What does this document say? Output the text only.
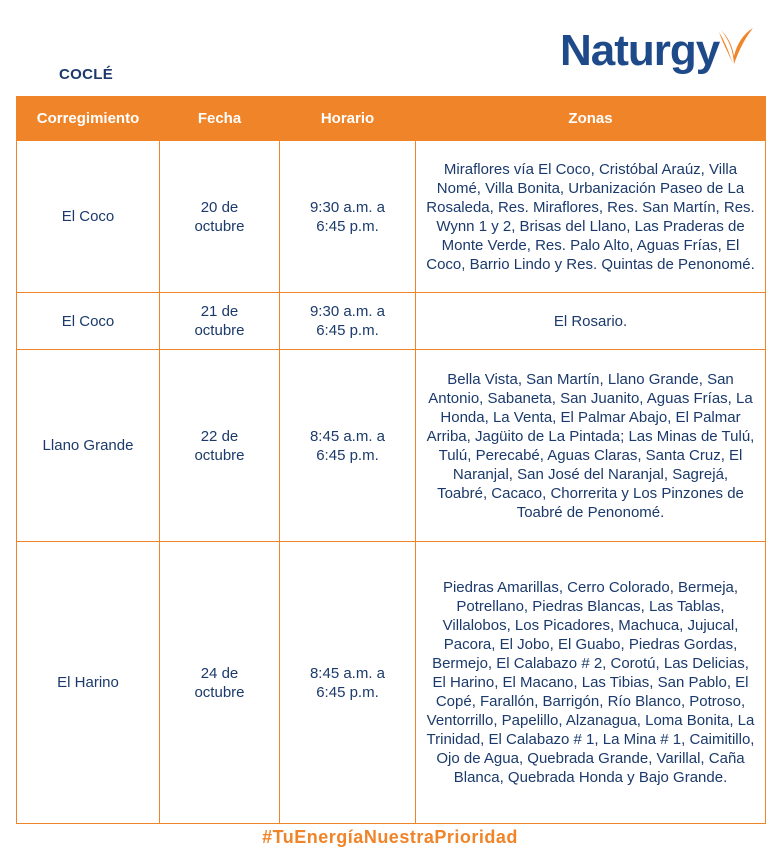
COCLÉ	Naturgy
Corregimiento	Fecha	Horario	Zonas
El Coco	20 de octubre	9:30 a.m. a 6:45 p.m.	Miraflores vía El Coco, Cristóbal Araúz, Villa Nomé, Villa Bonita, Urbanización Paseo de La Rosaleda, Res. Miraflores, Res. San Martín, Res. Wynn 1 y 2, Brisas del Llano, Las Praderas de Monte Verde, Res. Palo Alto, Aguas Frías, El Coco, Barrio Lindo y Res. Quintas de Penonomé.
El Coco	21 de octubre	9:30 a.m. a 6:45 p.m.	El Rosario.
Llano Grande	22 de octubre	8:45 a.m. a 6:45 p.m.	Bella Vista, San Martín, Llano Grande, San Antonio, Sabaneta, San Juanito, Aguas Frías, La Honda, La Venta, El Palmar Abajo, El Palmar Arriba, Jagüito de La Pintada; Las Minas de Tulú, Tulú, Perecabé, Aguas Claras, Santa Cruz, El Naranjal, San José del Naranjal, Sagrejá, Toabré, Cacaco, Chorrerita y Los Pinzones de Toabré de Penonomé.
El Harino	24 de octubre	8:45 a.m. a 6:45 p.m.	Piedras Amarillas, Cerro Colorado, Bermeja, Potrellano, Piedras Blancas, Las Tablas, Villalobos, Los Picadores, Machuca, Jujucal, Pacora, El Jobo, El Guabo, Piedras Gordas, Bermejo, El Calabazo # 2, Corotú, Las Delicias, El Harino, El Macano, Las Tibias, San Pablo, El Copé, Farallón, Barrigón, Río Blanco, Potroso, Ventorrillo, Papelillo, Alzanagua, Loma Bonita, La Trinidad, El Calabazo # 1, La Mina # 1, Caimitillo, Ojo de Agua, Quebrada Grande, Varillal, Caña Blanca, Quebrada Honda y Bajo Grande.
#TuEnergíaNuestraPrioridad
